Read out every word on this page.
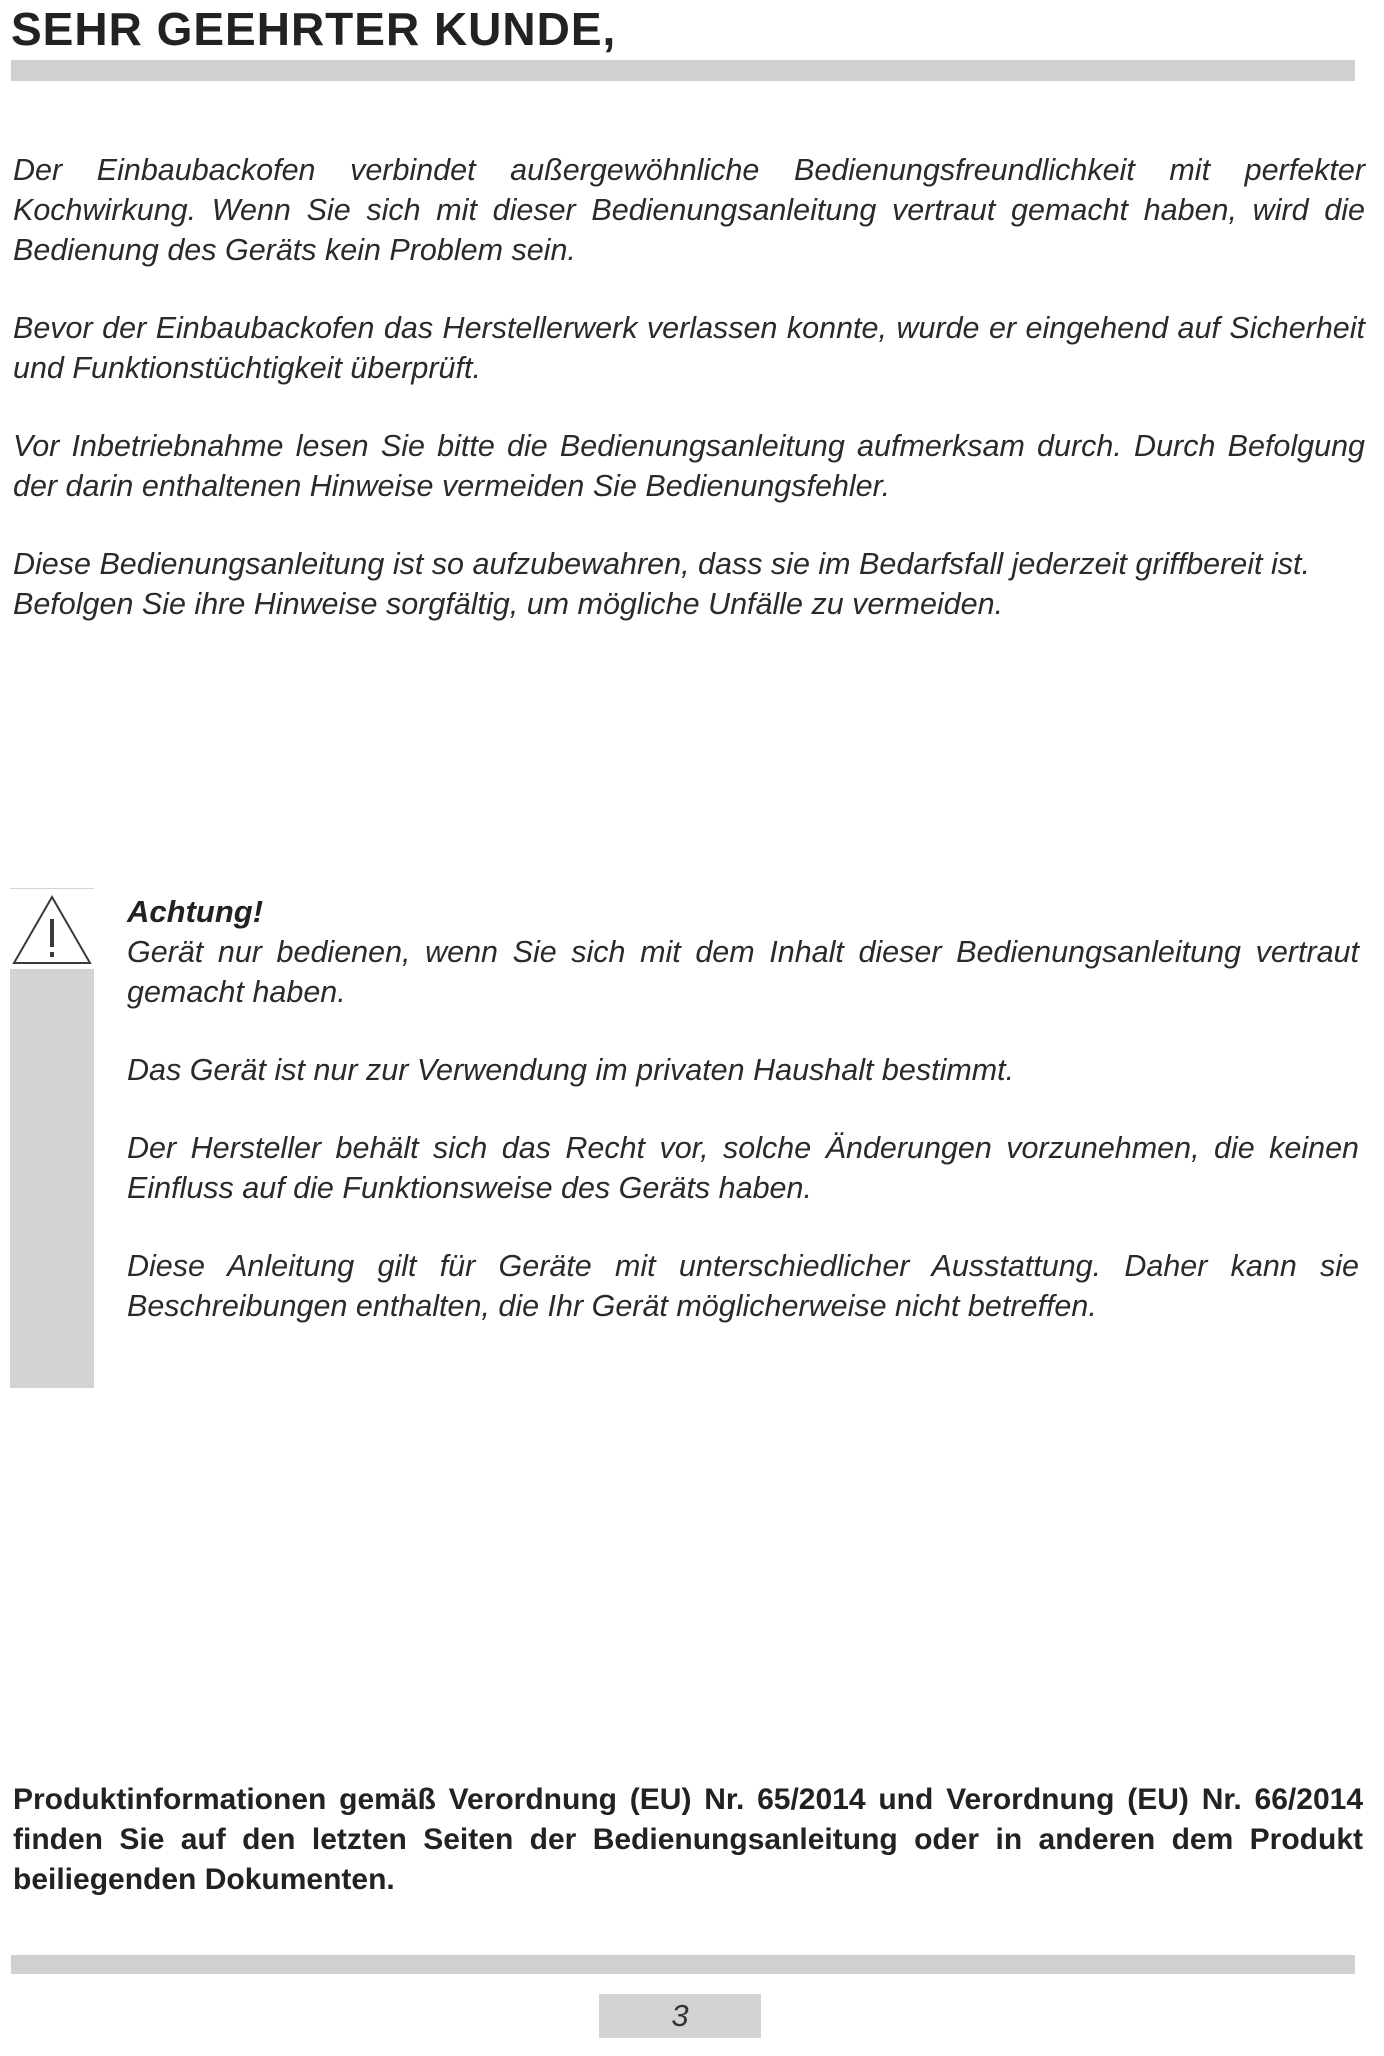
SEHR GEEHRTER KUNDE,

Der Einbaubackofen verbindet außergewöhnliche Bedienungsfreundlichkeit mit perfekter Kochwirkung. Wenn Sie sich mit dieser Bedienungsanleitung vertraut gemacht haben, wird die Bedienung des Geräts kein Problem sein.

Bevor der Einbaubackofen das Herstellerwerk verlassen konnte, wurde er eingehend auf Sicherheit und Funktionstüchtigkeit überprüft.

Vor Inbetriebnahme lesen Sie bitte die Bedienungsanleitung aufmerksam durch. Durch Befolgung der darin enthaltenen Hinweise vermeiden Sie Bedienungsfehler.

Diese Bedienungsanleitung ist so aufzubewahren, dass sie im Bedarfsfall jederzeit griffbereit ist. Befolgen Sie ihre Hinweise sorgfältig, um mögliche Unfälle zu vermeiden.

Achtung!

Gerät nur bedienen, wenn Sie sich mit dem Inhalt dieser Bedienungsanleitung vertraut gemacht haben.

Das Gerät ist nur zur Verwendung im privaten Haushalt bestimmt.

Der Hersteller behält sich das Recht vor, solche Änderungen vorzunehmen, die keinen Einfluss auf die Funktionsweise des Geräts haben.

Diese Anleitung gilt für Geräte mit unterschiedlicher Ausstattung. Daher kann sie Beschreibungen enthalten, die Ihr Gerät möglicherweise nicht betreffen.

Produktinformationen gemäß Verordnung (EU) Nr. 65/2014 und Verordnung (EU) Nr. 66/2014 finden Sie auf den letzten Seiten der Bedienungsanleitung oder in anderen dem Produkt beiliegenden Dokumenten.

3
